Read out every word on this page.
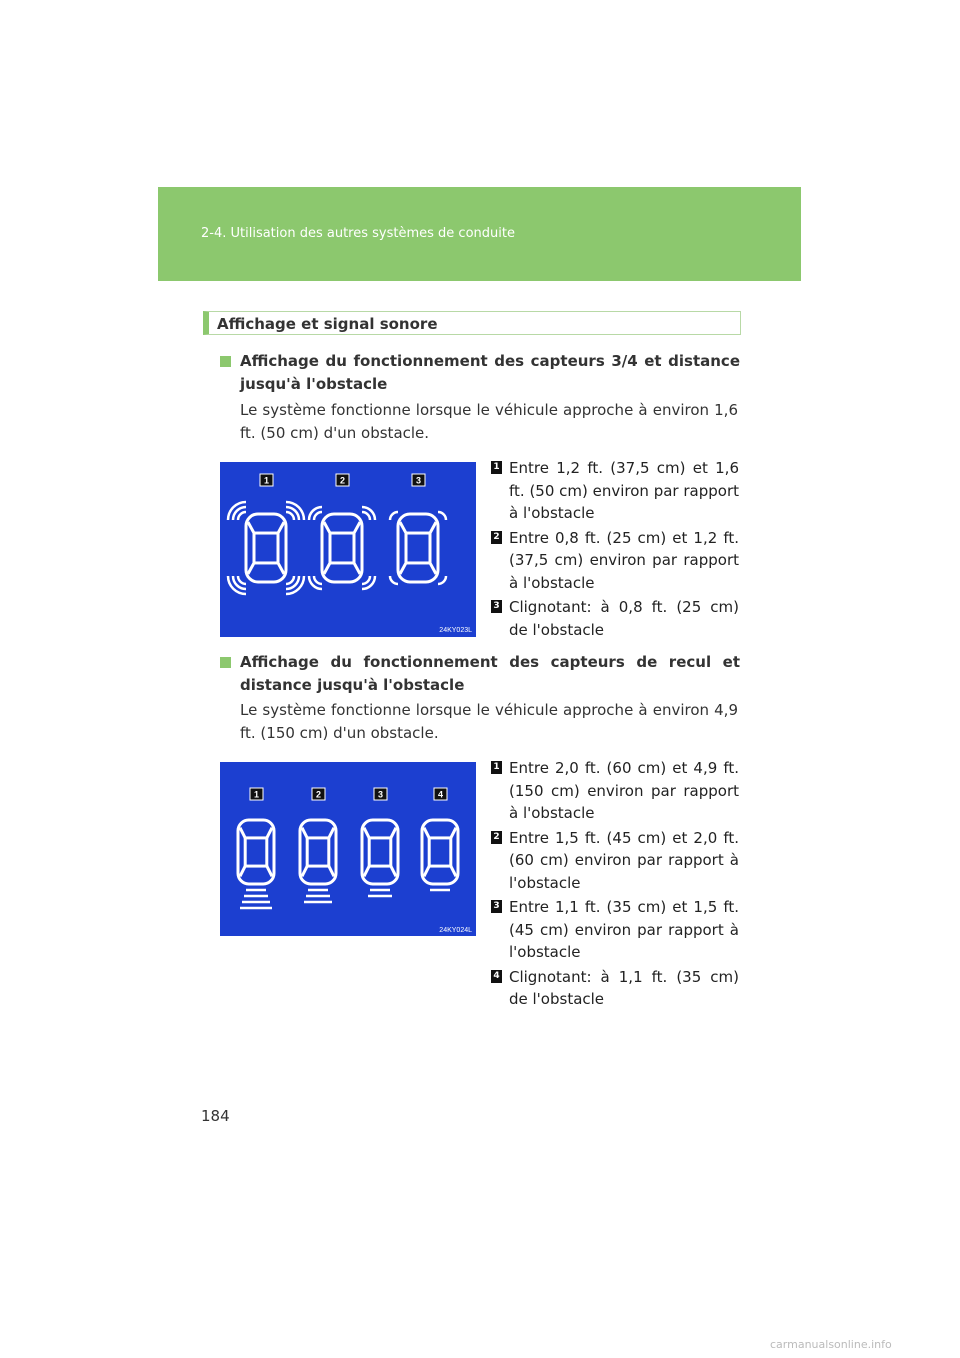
2-4. Utilisation des autres systèmes de conduite
Affichage et signal sonore
Affichage du fonctionnement des capteurs 3/4 et distance jusqu'à l'obstacle
Le système fonctionne lorsque le véhicule approche à environ 1,6 ft. (50 cm) d'un obstacle.
1	2	3
24KY023L
1 Entre 1,2 ft. (37,5 cm) et 1,6 ft. (50 cm) environ par rapport à l'obstacle
2 Entre 0,8 ft. (25 cm) et 1,2 ft. (37,5 cm) environ par rapport à l'obstacle
3 Clignotant: à 0,8 ft. (25 cm) de l'obstacle
Affichage du fonctionnement des capteurs de recul et distance jusqu'à l'obstacle
Le système fonctionne lorsque le véhicule approche à environ 4,9 ft. (150 cm) d'un obstacle.
1	2	3	4
24KY024L
1 Entre 2,0 ft. (60 cm) et 4,9 ft. (150 cm) environ par rapport à l'obstacle
2 Entre 1,5 ft. (45 cm) et 2,0 ft. (60 cm) environ par rapport à l'obstacle
3 Entre 1,1 ft. (35 cm) et 1,5 ft. (45 cm) environ par rapport à l'obstacle
4 Clignotant: à 1,1 ft. (35 cm) de l'obstacle
184
carmanualsonline.info
